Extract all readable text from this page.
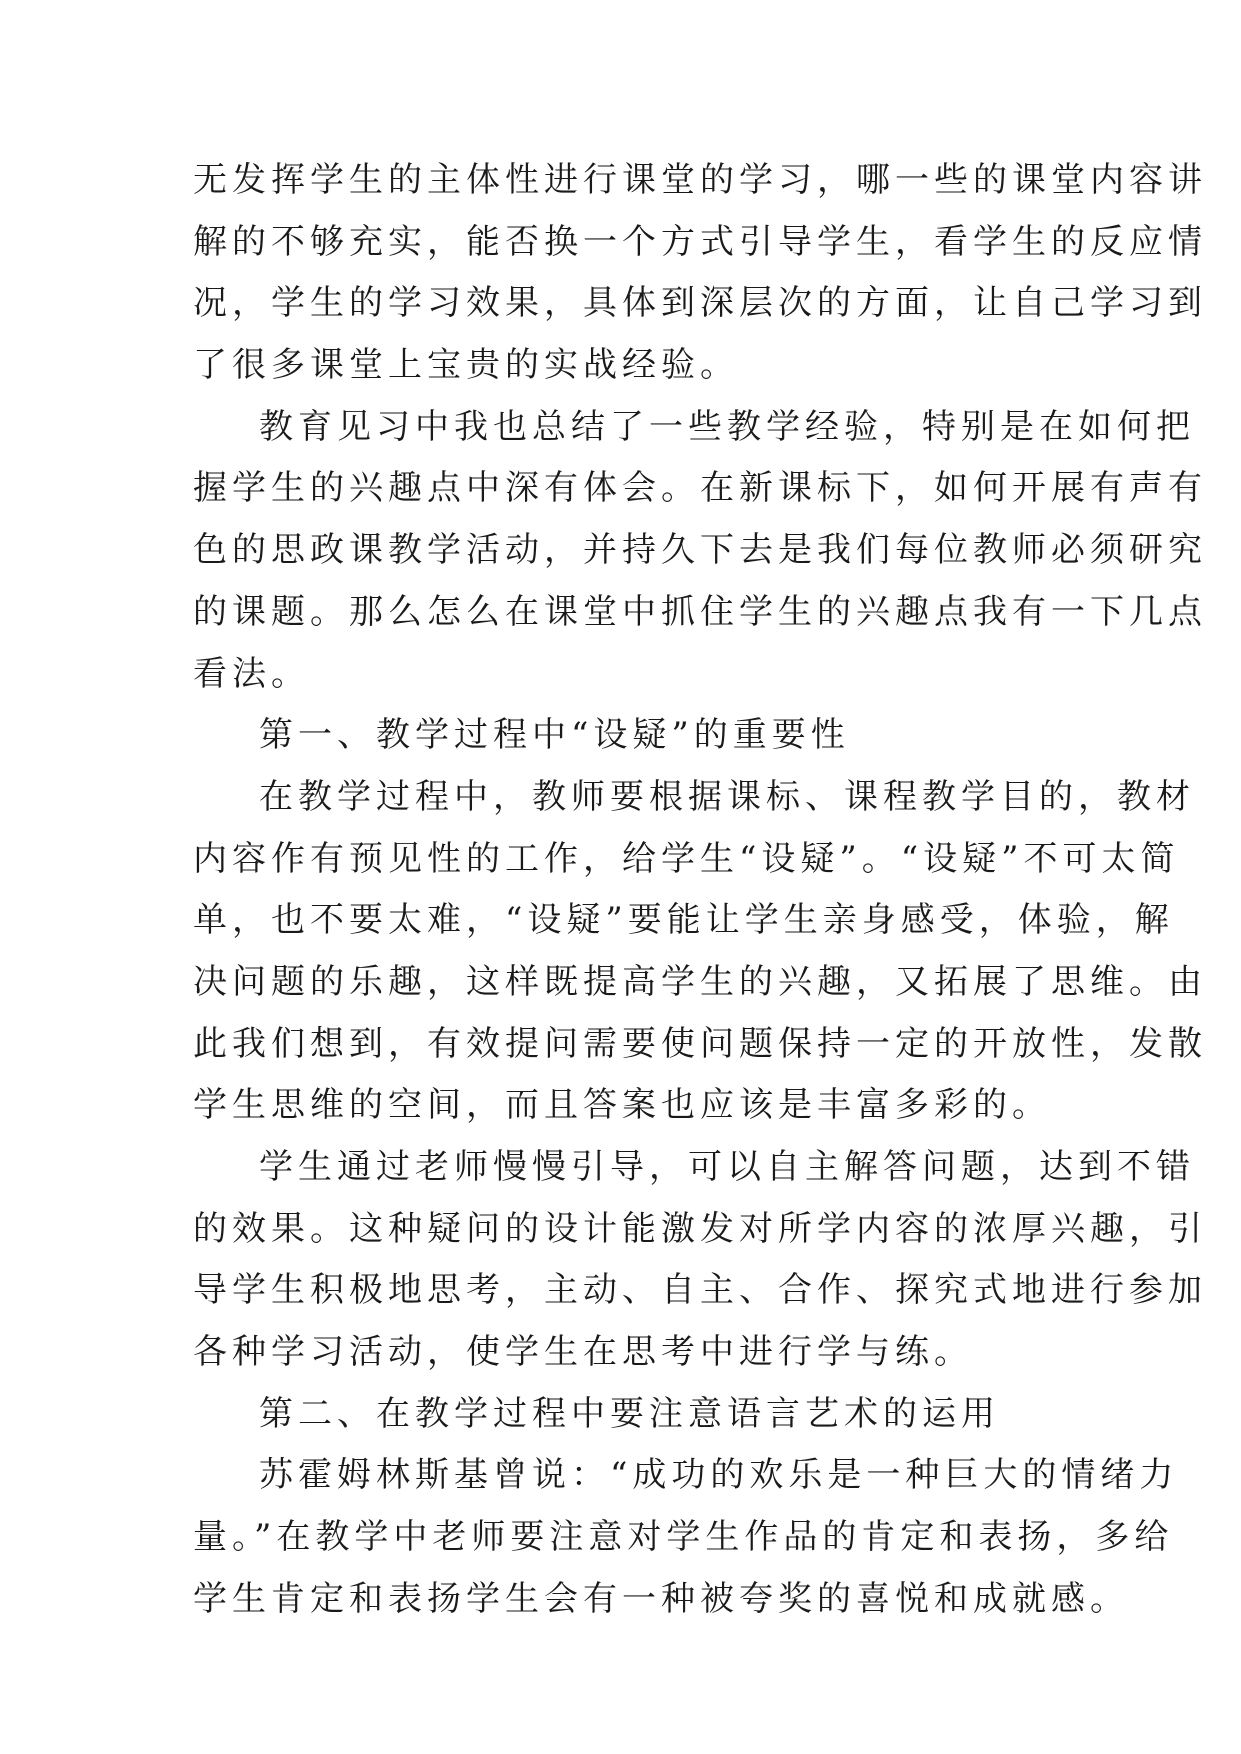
无发挥学生的主体性进行课堂的学习，哪一些的课堂内容讲
解的不够充实，能否换一个方式引导学生，看学生的反应情
况，学生的学习效果，具体到深层次的方面，让自己学习到
了很多课堂上宝贵的实战经验。
教育见习中我也总结了一些教学经验，特别是在如何把
握学生的兴趣点中深有体会。在新课标下，如何开展有声有
色的思政课教学活动，并持久下去是我们每位教师必须研究
的课题。那么怎么在课堂中抓住学生的兴趣点我有一下几点
看法。
第一、教学过程中“设疑”的重要性
在教学过程中，教师要根据课标、课程教学目的，教材
内容作有预见性的工作，给学生“设疑”。“设疑”不可太简
单，也不要太难，“设疑”要能让学生亲身感受，体验，解
决问题的乐趣，这样既提高学生的兴趣，又拓展了思维。由
此我们想到，有效提问需要使问题保持一定的开放性，发散
学生思维的空间，而且答案也应该是丰富多彩的。
学生通过老师慢慢引导，可以自主解答问题，达到不错
的效果。这种疑问的设计能激发对所学内容的浓厚兴趣，引
导学生积极地思考，主动、自主、合作、探究式地进行参加
各种学习活动，使学生在思考中进行学与练。
第二、在教学过程中要注意语言艺术的运用
苏霍姆林斯基曾说：“成功的欢乐是一种巨大的情绪力
量。”在教学中老师要注意对学生作品的肯定和表扬，多给
学生肯定和表扬学生会有一种被夸奖的喜悦和成就感。
